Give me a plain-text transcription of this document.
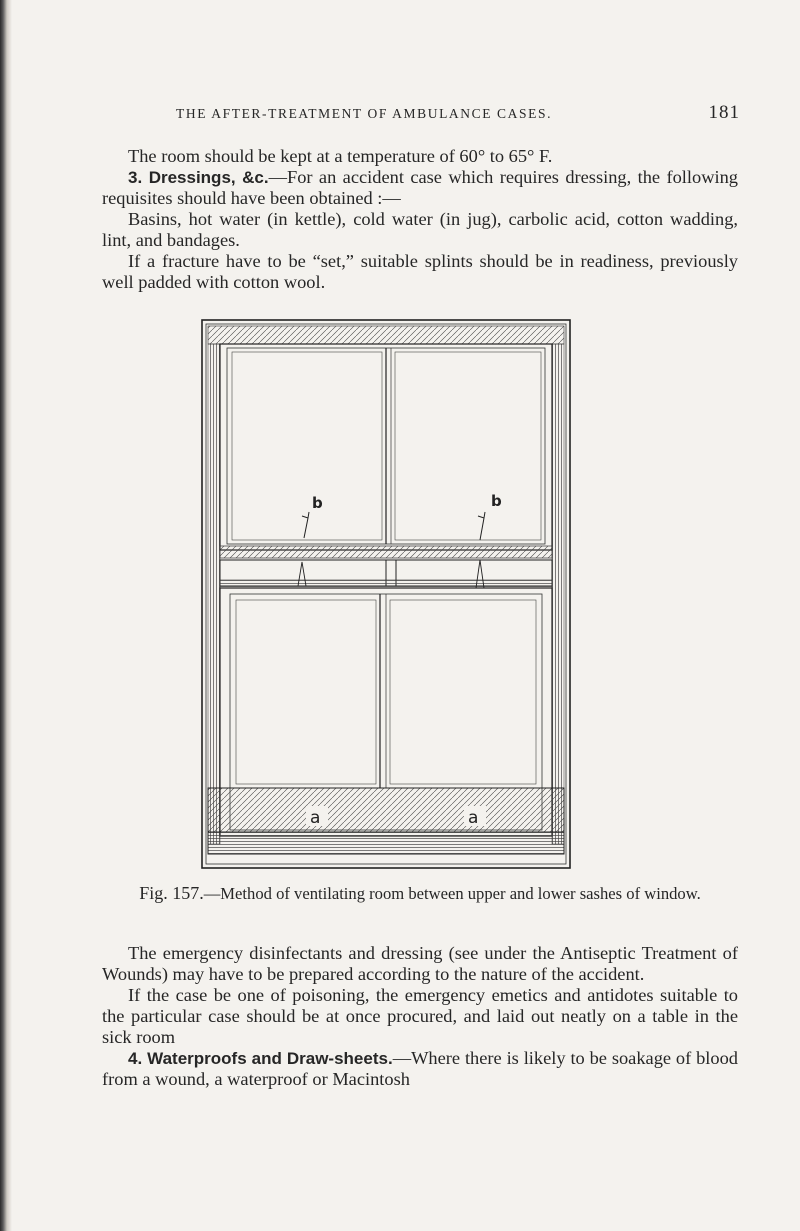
THE AFTER-TREATMENT OF AMBULANCE CASES.	181

The room should be kept at a temperature of 60° to 65° F.

3. Dressings, &c.—For an accident case which requires dressing, the following requisites should have been obtained :—

Basins, hot water (in kettle), cold water (in jug), carbolic acid, cotton wadding, lint, and bandages.

If a fracture have to be “set,” suitable splints should be in readiness, previously well padded with cotton wool.

b	b
a	a
Fig. 157.—Method of ventilating room between upper and lower sashes of window.

The emergency disinfectants and dressing (see under the Antiseptic Treatment of Wounds) may have to be prepared according to the nature of the accident.

If the case be one of poisoning, the emergency emetics and antidotes suitable to the particular case should be at once procured, and laid out neatly on a table in the sick room

4. Waterproofs and Draw-sheets.—Where there is likely to be soakage of blood from a wound, a waterproof or Macintosh
